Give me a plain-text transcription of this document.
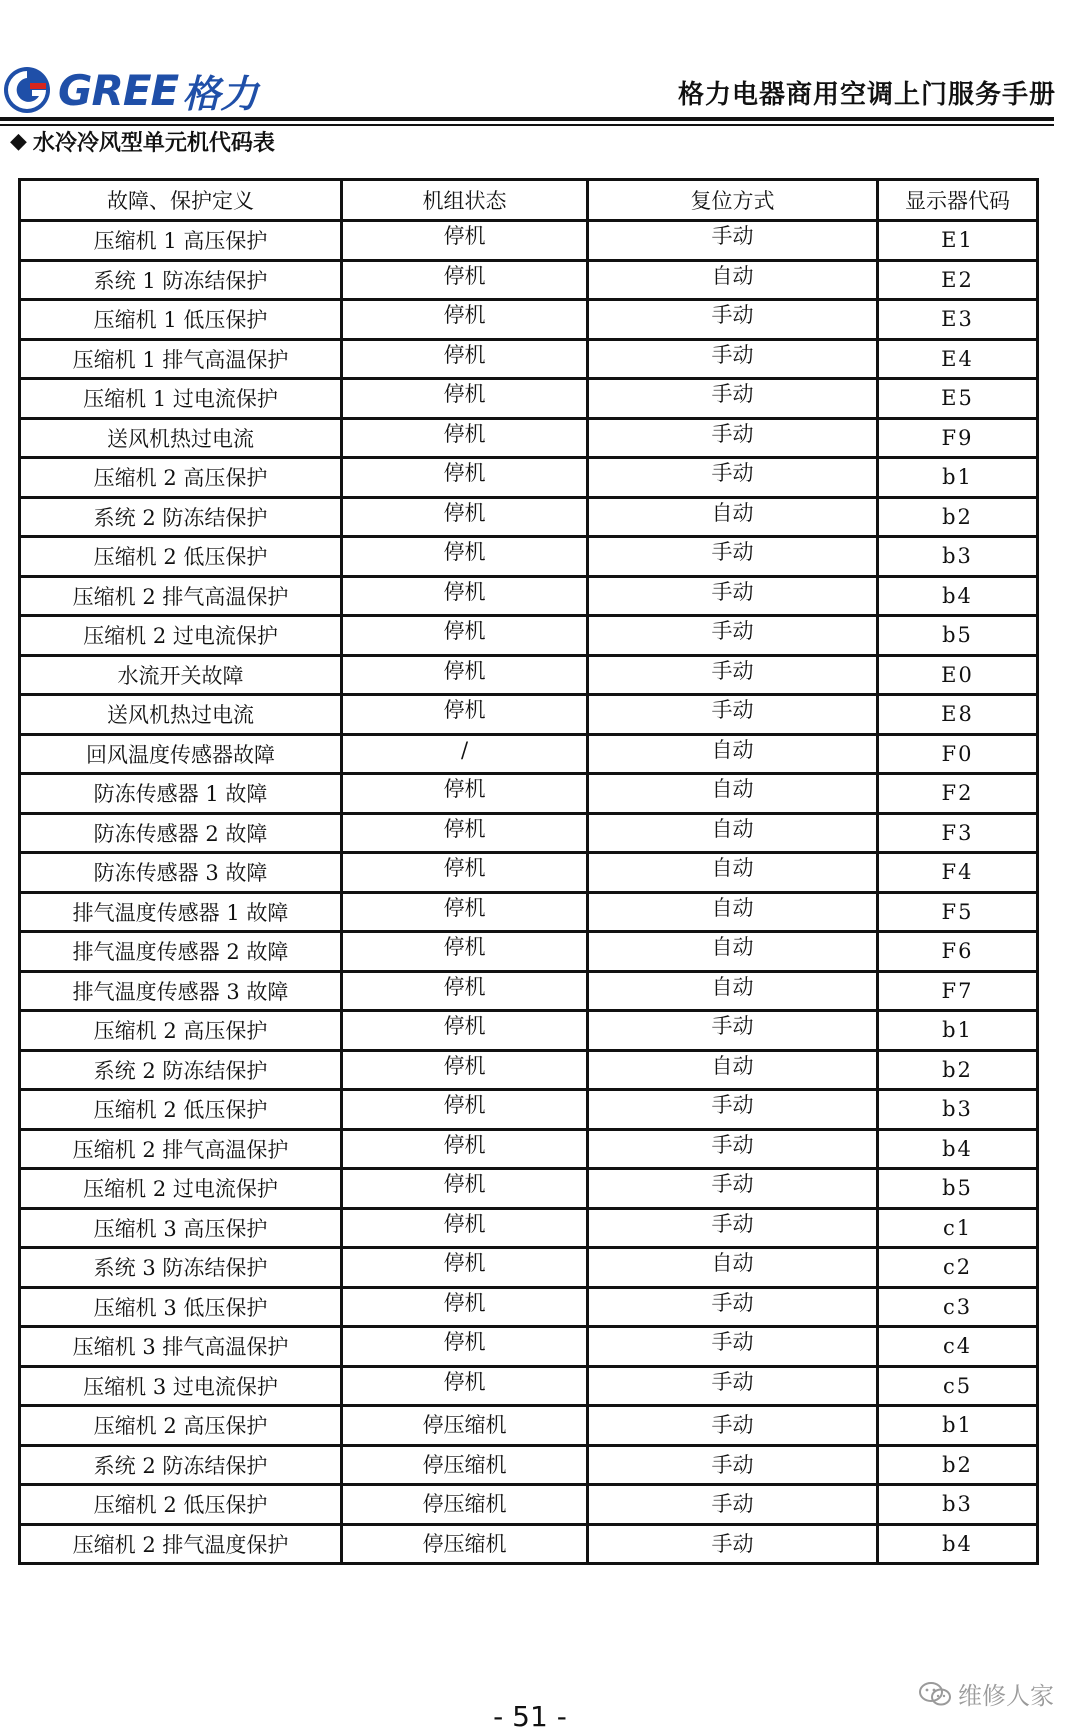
GREE 格力	格力电器商用空调上门服务手册
◆ 水冷冷风型单元机代码表
故障、保护定义	机组状态	复位方式	显示器代码
压缩机 1 高压保护	停机	手动	E1
系统 1 防冻结保护	停机	自动	E2
压缩机 1 低压保护	停机	手动	E3
压缩机 1 排气高温保护	停机	手动	E4
压缩机 1 过电流保护	停机	手动	E5
送风机热过电流	停机	手动	F9
压缩机 2 高压保护	停机	手动	b1
系统 2 防冻结保护	停机	自动	b2
压缩机 2 低压保护	停机	手动	b3
压缩机 2 排气高温保护	停机	手动	b4
压缩机 2 过电流保护	停机	手动	b5
水流开关故障	停机	手动	E0
送风机热过电流	停机	手动	E8
回风温度传感器故障	/	自动	F0
防冻传感器 1 故障	停机	自动	F2
防冻传感器 2 故障	停机	自动	F3
防冻传感器 3 故障	停机	自动	F4
排气温度传感器 1 故障	停机	自动	F5
排气温度传感器 2 故障	停机	自动	F6
排气温度传感器 3 故障	停机	自动	F7
压缩机 2 高压保护	停机	手动	b1
系统 2 防冻结保护	停机	自动	b2
压缩机 2 低压保护	停机	手动	b3
压缩机 2 排气高温保护	停机	手动	b4
压缩机 2 过电流保护	停机	手动	b5
压缩机 3 高压保护	停机	手动	c1
系统 3 防冻结保护	停机	自动	c2
压缩机 3 低压保护	停机	手动	c3
压缩机 3 排气高温保护	停机	手动	c4
压缩机 3 过电流保护	停机	手动	c5
压缩机 2 高压保护	停压缩机	手动	b1
系统 2 防冻结保护	停压缩机	手动	b2
压缩机 2 低压保护	停压缩机	手动	b3
压缩机 2 排气温度保护	停压缩机	手动	b4
维修人家
- 51 -
